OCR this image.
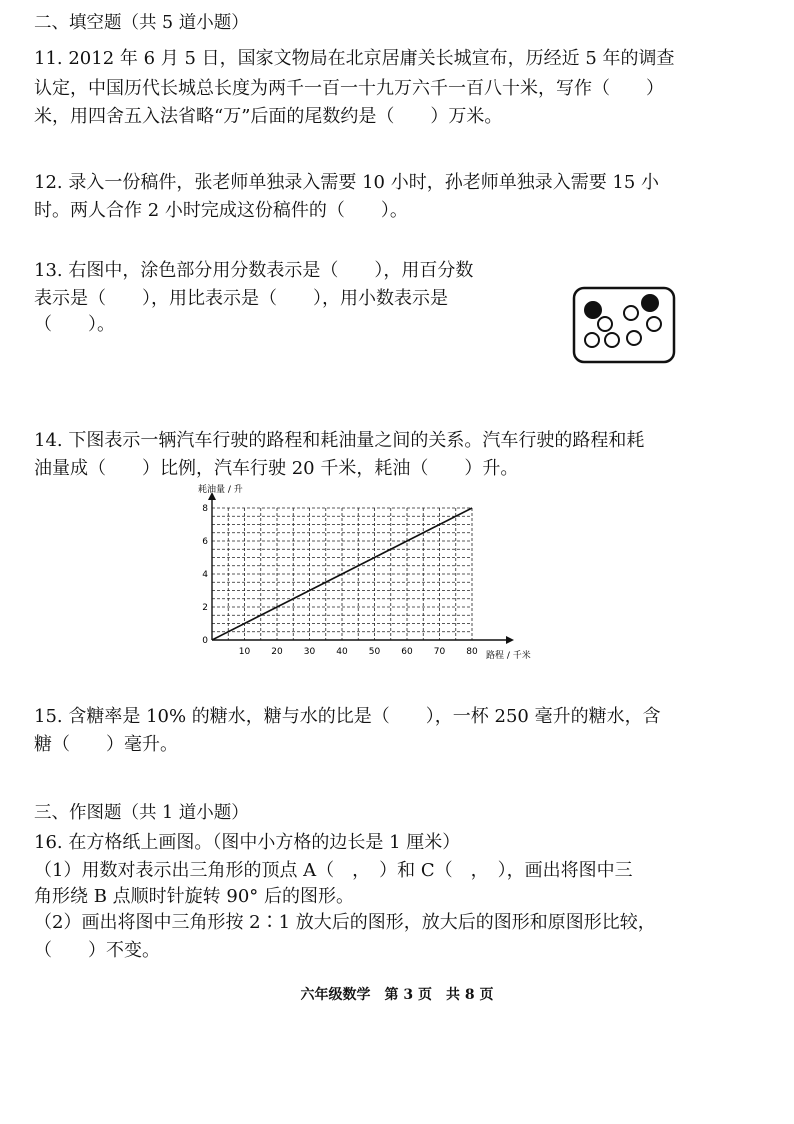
二、填空题（共 5 道小题）
11. 2012 年 6 月 5 日，国家文物局在北京居庸关长城宣布，历经近 5 年的调查
认定，中国历代长城总长度为两千一百一十九万六千一百八十米，写作（　　）
米，用四舍五入法省略“万”后面的尾数约是（　　）万米。
12. 录入一份稿件，张老师单独录入需要 10 小时，孙老师单独录入需要 15 小
时。两人合作 2 小时完成这份稿件的（　　）。
13. 右图中，涂色部分用分数表示是（　　），用百分数
表示是（　　），用比表示是（　　），用小数表示是
（　　）。
14. 下图表示一辆汽车行驶的路程和耗油量之间的关系。汽车行驶的路程和耗
油量成（　　）比例，汽车行驶 20 千米，耗油（　　）升。
10 20 30 40 50 60 70 80
0
2
4
6
8
耗油量 / 升
路程 / 千米
15. 含糖率是 10% 的糖水，糖与水的比是（　　），一杯 250 毫升的糖水，含
糖（　　）毫升。
三、作图题（共 1 道小题）
16. 在方格纸上画图。（图中小方格的边长是 1 厘米）
（1）用数对表示出三角形的顶点 A（　，　）和 C（　，　），画出将图中三
角形绕 B 点顺时针旋转 90° 后的图形。
（2）画出将图中三角形按 2∶1 放大后的图形，放大后的图形和原图形比较，
（　　）不变。
六年级数学　第 3 页　共 8 页
